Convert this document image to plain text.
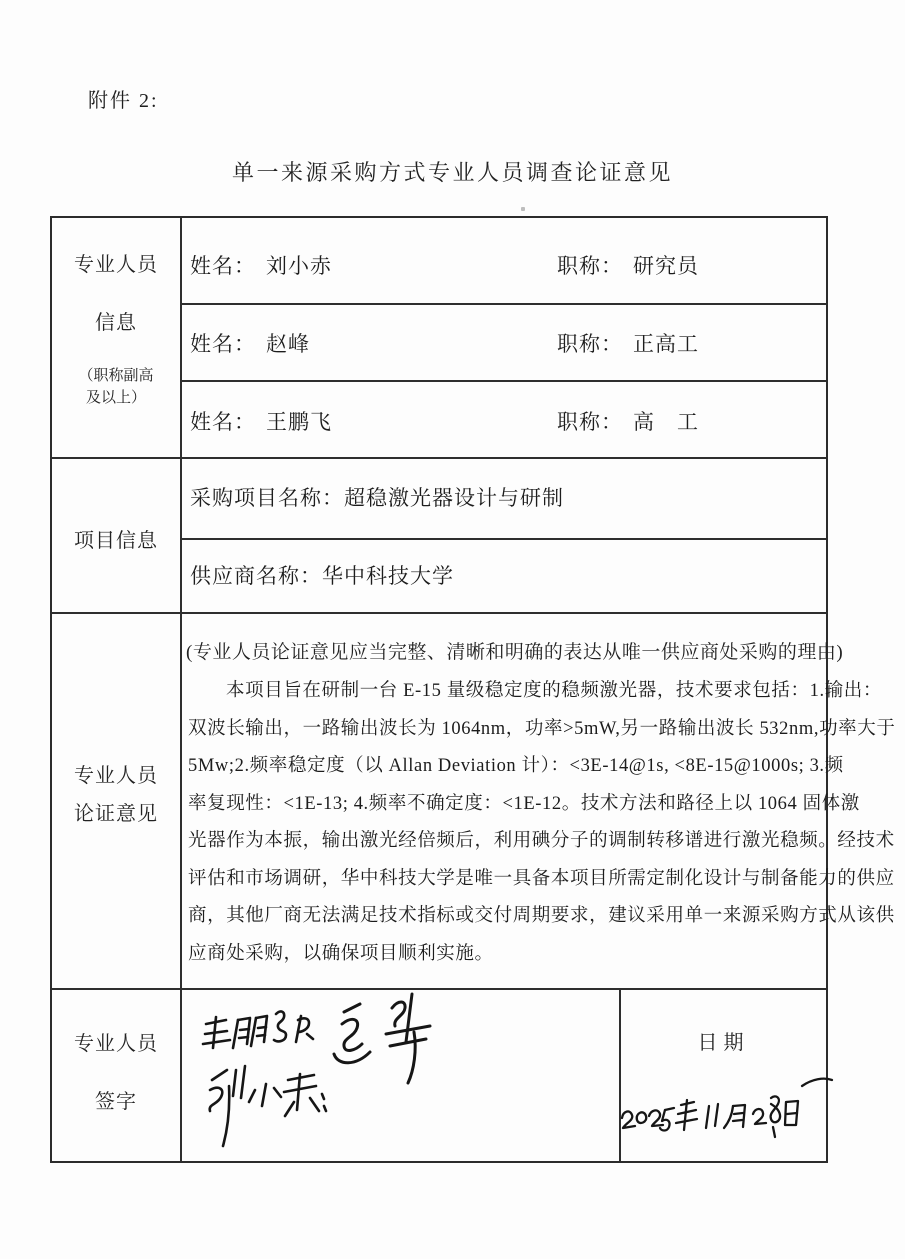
附件 2:
单一来源采购方式专业人员调查论证意见
专业人员
信息
（职称副高
及以上）
姓名： 刘小赤	职称： 研究员
姓名： 赵峰	职称： 正高工
姓名： 王鹏飞	职称： 高　工
项目信息
采购项目名称：超稳激光器设计与研制
供应商名称：华中科技大学
专业人员
论证意见
(专业人员论证意见应当完整、清晰和明确的表达从唯一供应商处采购的理由)
本项目旨在研制一台 E-15 量级稳定度的稳频激光器，技术要求包括：1.输出：
双波长输出，一路输出波长为 1064nm，功率>5mW,另一路输出波长 532nm,功率大于
5Mw;2.频率稳定度（以 Allan Deviation 计）：<3E-14@1s, <8E-15@1000s; 3.频
率复现性：<1E-13; 4.频率不确定度：<1E-12。技术方法和路径上以 1064 固体激
光器作为本振，输出激光经倍频后，利用碘分子的调制转移谱进行激光稳频。经技术
评估和市场调研，华中科技大学是唯一具备本项目所需定制化设计与制备能力的供应
商，其他厂商无法满足技术指标或交付周期要求，建议采用单一来源采购方式从该供
应商处采购，以确保项目顺利实施。
专业人员
签字
日期
